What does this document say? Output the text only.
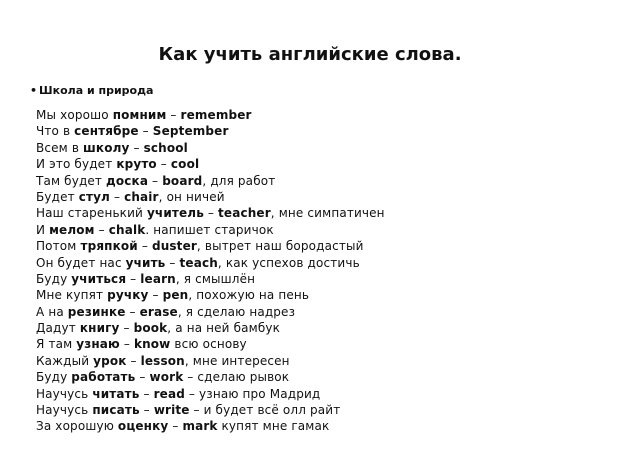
Как учить английские слова.
• Школа и природа
Мы хорошо помним – remember
Что в сентябре – September
Всем в школу – school
И это будет круто – cool
Там будет доска – board, для работ
Будет стул – chair, он ничей
Наш старенький учитель – teacher, мне симпатичен
И мелом – chalk. напишет старичок
Потом тряпкой – duster, вытрет наш бородастый
Он будет нас учить – teach, как успехов достичь
Буду учиться – learn, я смышлён
Мне купят ручку – pen, похожую на пень
А на резинке – erase, я сделаю надрез
Дадут книгу – book, а на ней бамбук
Я там узнаю – know всю основу
Каждый урок – lesson, мне интересен
Буду работать – work – сделаю рывок
Научусь читать – read – узнаю про Мадрид
Научусь писать – write – и будет всё олл райт
За хорошую оценку – mark купят мне гамак
